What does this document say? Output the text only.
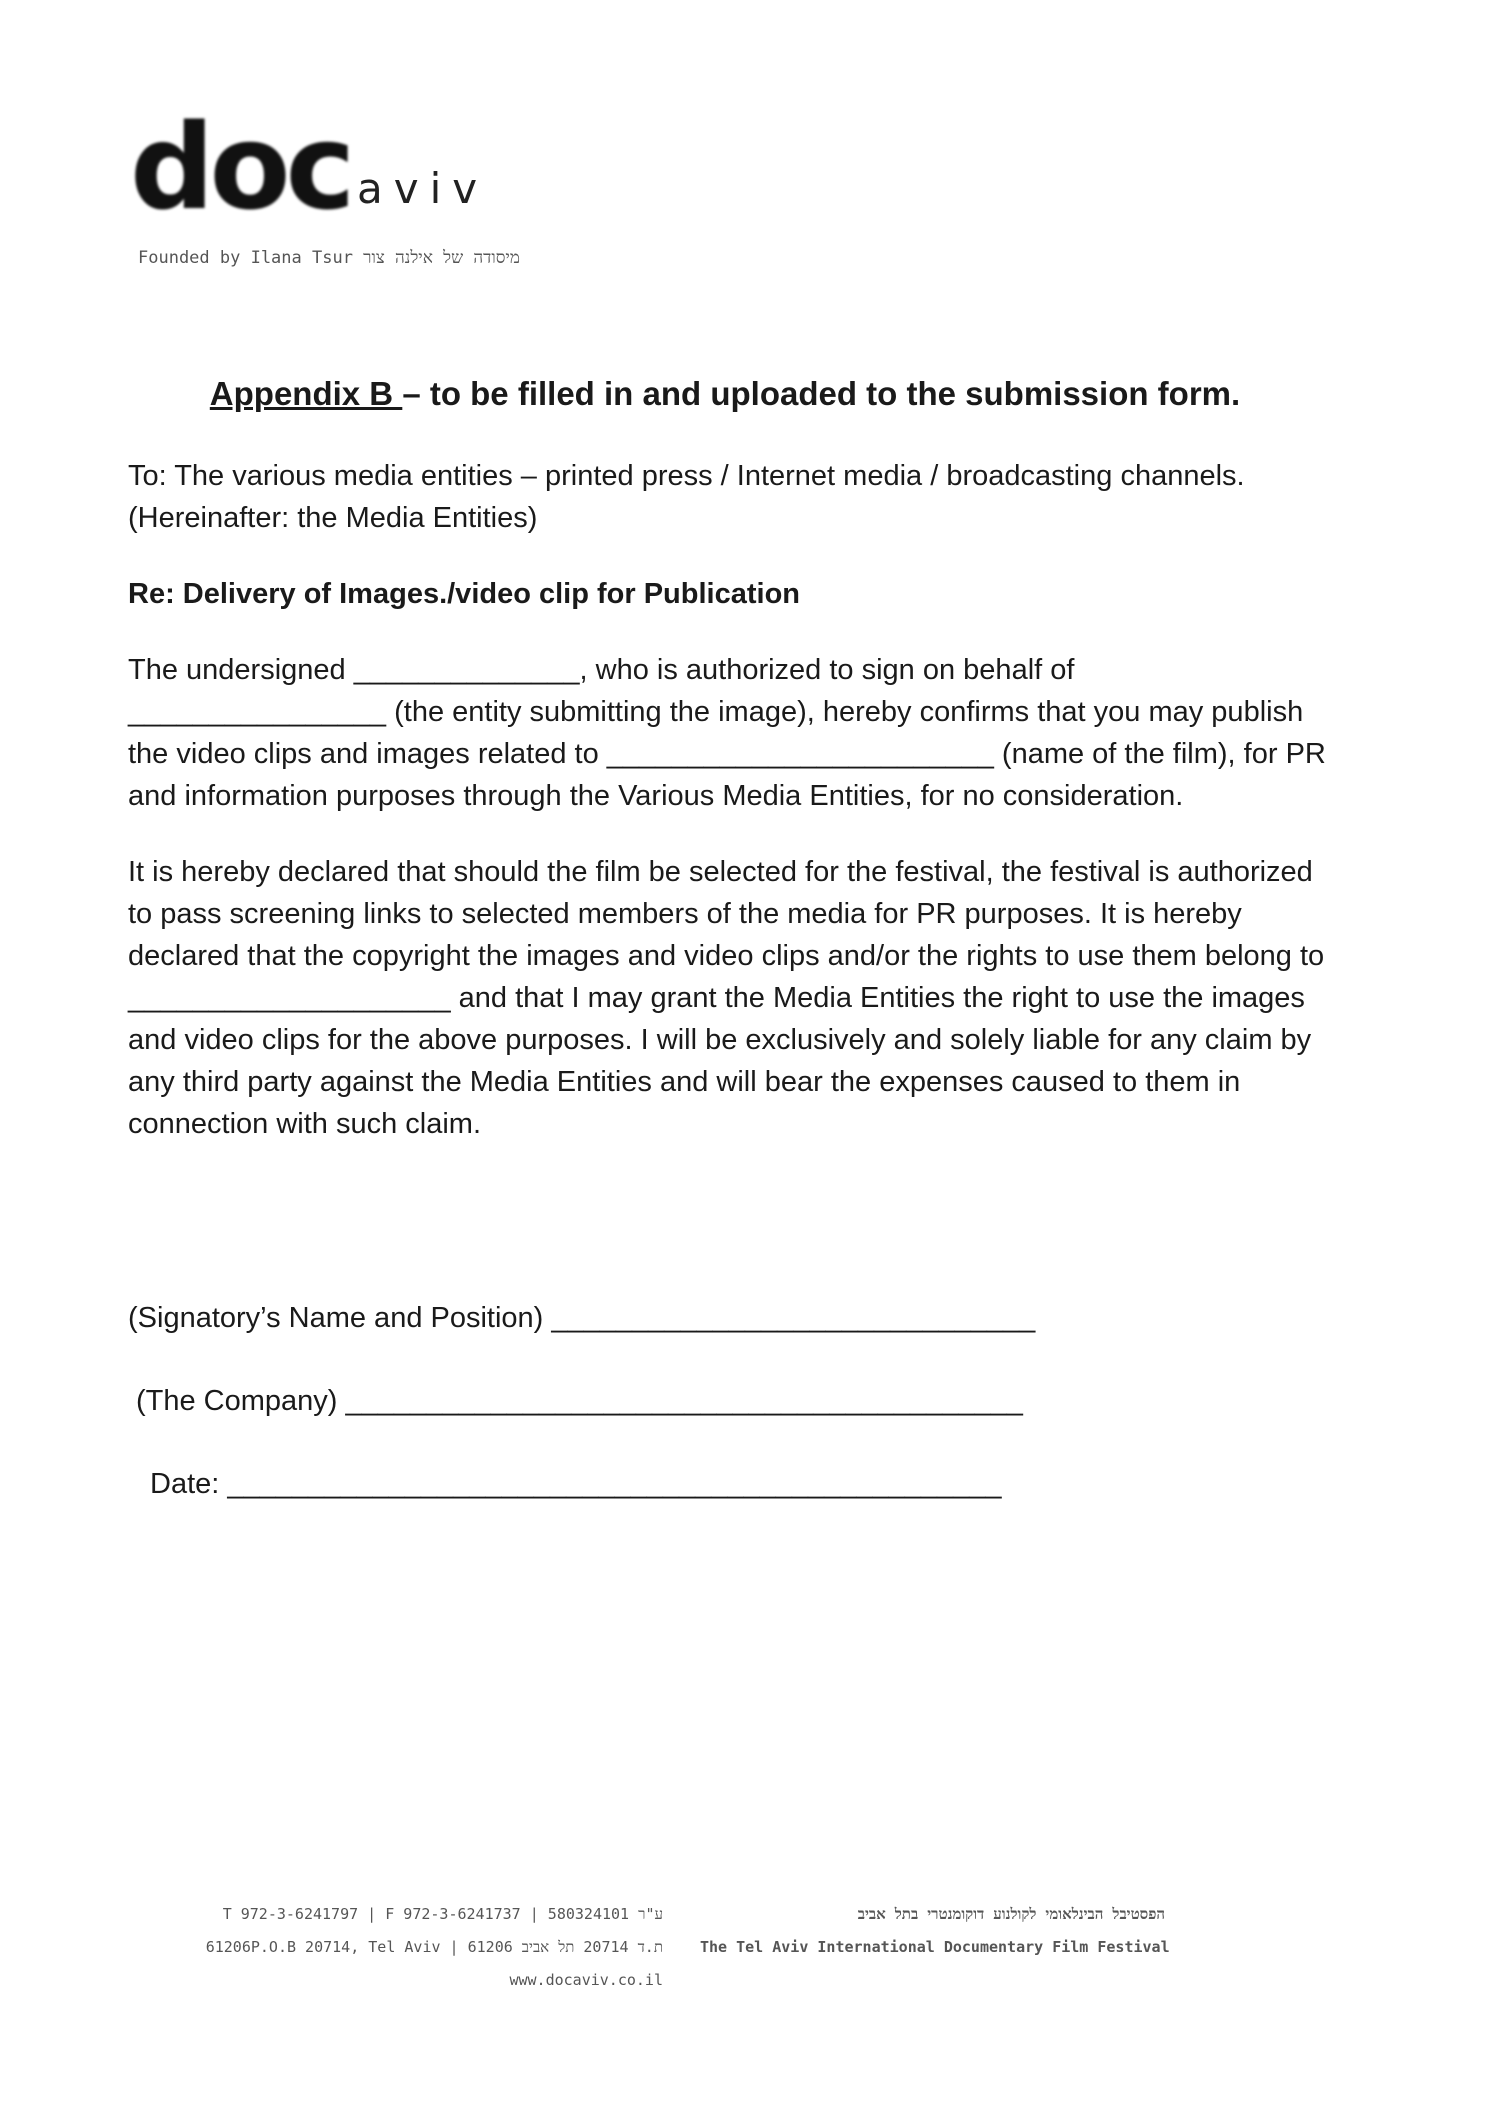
doc aviv
Founded by Ilana Tsur מיסודה של אילנה צור
Appendix B – to be filled in and uploaded to the submission form.

To: The various media entities – printed press / Internet media / broadcasting channels.
(Hereinafter: the Media Entities)

Re: Delivery of Images./video clip for Publication

The undersigned ______________, who is authorized to sign on behalf of ________________ (the entity submitting the image), hereby confirms that you may publish the video clips and images related to ________________________ (name of the film), for PR and information purposes through the Various Media Entities, for no consideration.

It is hereby declared that should the film be selected for the festival, the festival is authorized to pass screening links to selected members of the media for PR purposes. It is hereby declared that the copyright the images and video clips and/or the rights to use them belong to ____________________ and that I may grant the Media Entities the right to use the images and video clips for the above purposes. I will be exclusively and solely liable for any claim by any third party against the Media Entities and will bear the expenses caused to them in connection with such claim.

(Signatory’s Name and Position) ______________________________
(The Company) __________________________________________
Date: ________________________________________________
T 972-3-6241797 | F 972-3-6241737 | 580324101 ע"ר
61206P.O.B 20714, Tel Aviv | 61206 ת.ד 20714 תל אביב
www.docaviv.co.il
הפסטיבל הבינלאומי לקולנוע דוקומנטרי בתל אביב
The Tel Aviv International Documentary Film Festival
